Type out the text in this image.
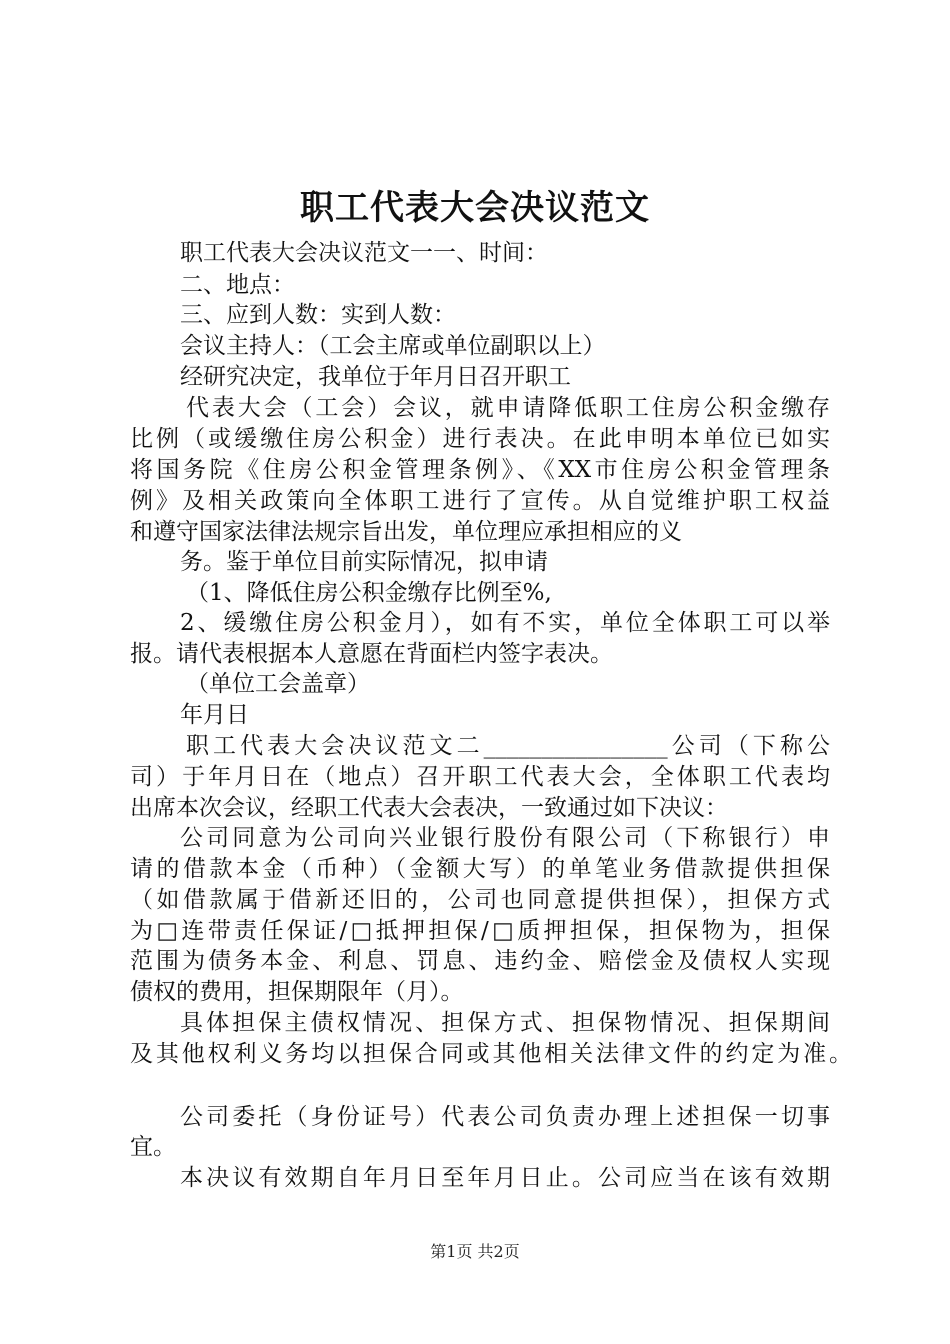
职工代表大会决议范文
职工代表大会决议范文一一、时间：
二、地点：
三、应到人数：实到人数：
会议主持人：（工会主席或单位副职以上）
经研究决定，我单位于年月日召开职工
代表大会（工会）会议，就申请降低职工住房公积金缴存
比例（或缓缴住房公积金）进行表决。在此申明本单位已如实
将国务院《住房公积金管理条例》、《XX市住房公积金管理条
例》及相关政策向全体职工进行了宣传。从自觉维护职工权益
和遵守国家法律法规宗旨出发，单位理应承担相应的义
务。鉴于单位目前实际情况，拟申请
（1、降低住房公积金缴存比例至%,
2、缓缴住房公积金月），如有不实，单位全体职工可以举
报。请代表根据本人意愿在背面栏内签字表决。
（单位工会盖章）
年月日
职工代表大会决议范文二________________公司（下称公
司）于年月日在（地点）召开职工代表大会，全体职工代表均
出席本次会议，经职工代表大会表决，一致通过如下决议：
公司同意为公司向兴业银行股份有限公司（下称银行）申
请的借款本金（币种）（金额大写）的单笔业务借款提供担保
（如借款属于借新还旧的，公司也同意提供担保），担保方式
为□连带责任保证/□抵押担保/□质押担保，担保物为，担保
范围为债务本金、利息、罚息、违约金、赔偿金及债权人实现
债权的费用，担保期限年（月）。
具体担保主债权情况、担保方式、担保物情况、担保期间
及其他权利义务均以担保合同或其他相关法律文件的约定为准。
公司委托（身份证号）代表公司负责办理上述担保一切事
宜。
本决议有效期自年月日至年月日止。公司应当在该有效期
第1页 共2页
